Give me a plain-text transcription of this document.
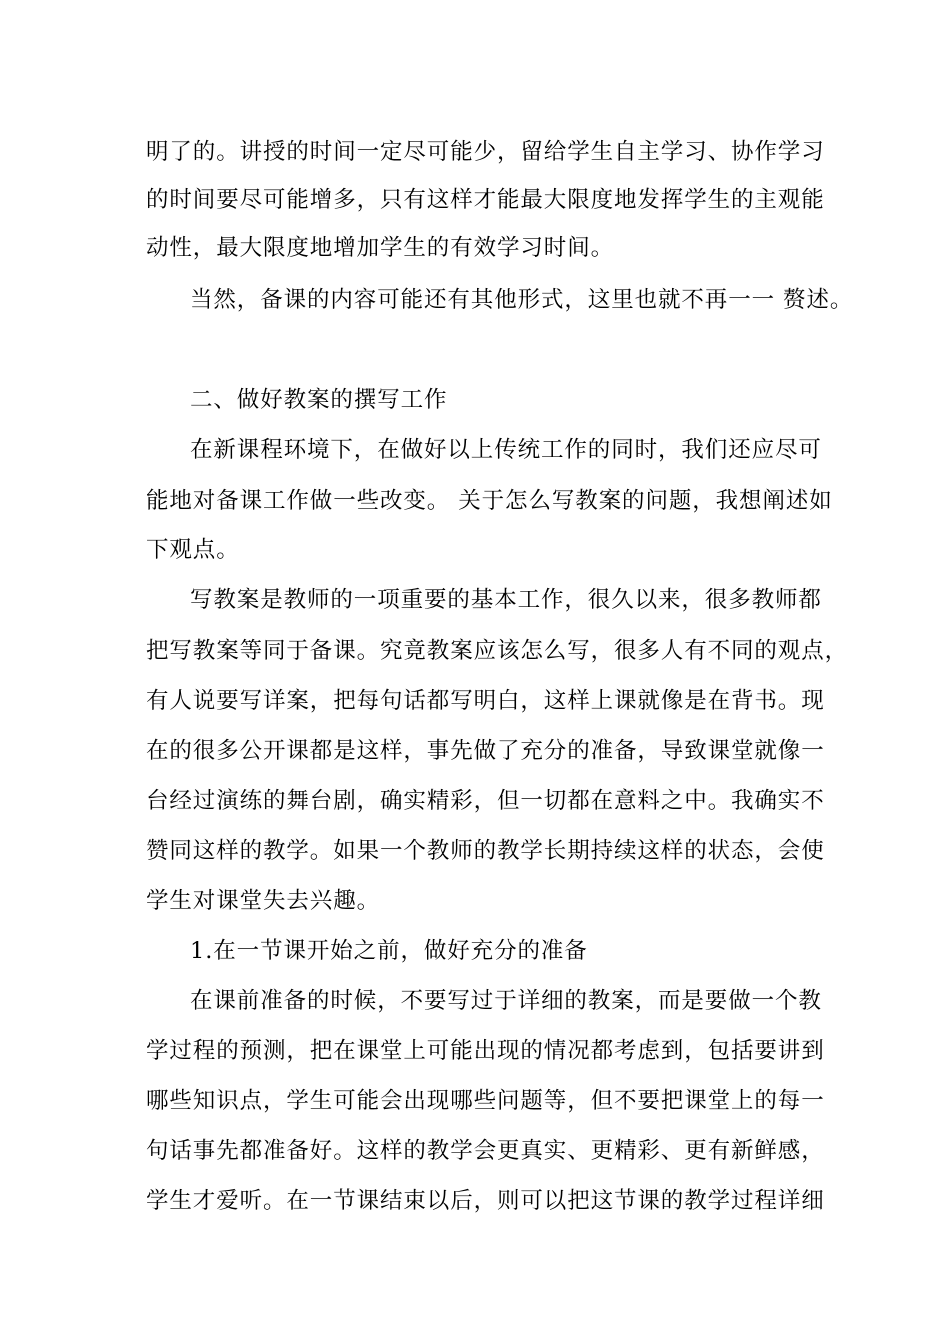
明了的。讲授的时间一定尽可能少，留给学生自主学习、协作学习
的时间要尽可能增多，只有这样才能最大限度地发挥学生的主观能
动性，最大限度地增加学生的有效学习时间。
当然，备课的内容可能还有其他形式，这里也就不再一一 赘述。
二、做好教案的撰写工作
在新课程环境下，在做好以上传统工作的同时，我们还应尽可
能地对备课工作做一些改变。 关于怎么写教案的问题，我想阐述如
下观点。
写教案是教师的一项重要的基本工作，很久以来，很多教师都
把写教案等同于备课。究竟教案应该怎么写，很多人有不同的观点，
有人说要写详案，把每句话都写明白，这样上课就像是在背书。现
在的很多公开课都是这样，事先做了充分的准备，导致课堂就像一
台经过演练的舞台剧，确实精彩，但一切都在意料之中。我确实不
赞同这样的教学。如果一个教师的教学长期持续这样的状态，会使
学生对课堂失去兴趣。
1.在一节课开始之前，做好充分的准备
在课前准备的时候，不要写过于详细的教案，而是要做一个教
学过程的预测，把在课堂上可能出现的情况都考虑到，包括要讲到
哪些知识点，学生可能会出现哪些问题等，但不要把课堂上的每一
句话事先都准备好。这样的教学会更真实、更精彩、更有新鲜感，
学生才爱听。在一节课结束以后，则可以把这节课的教学过程详细
